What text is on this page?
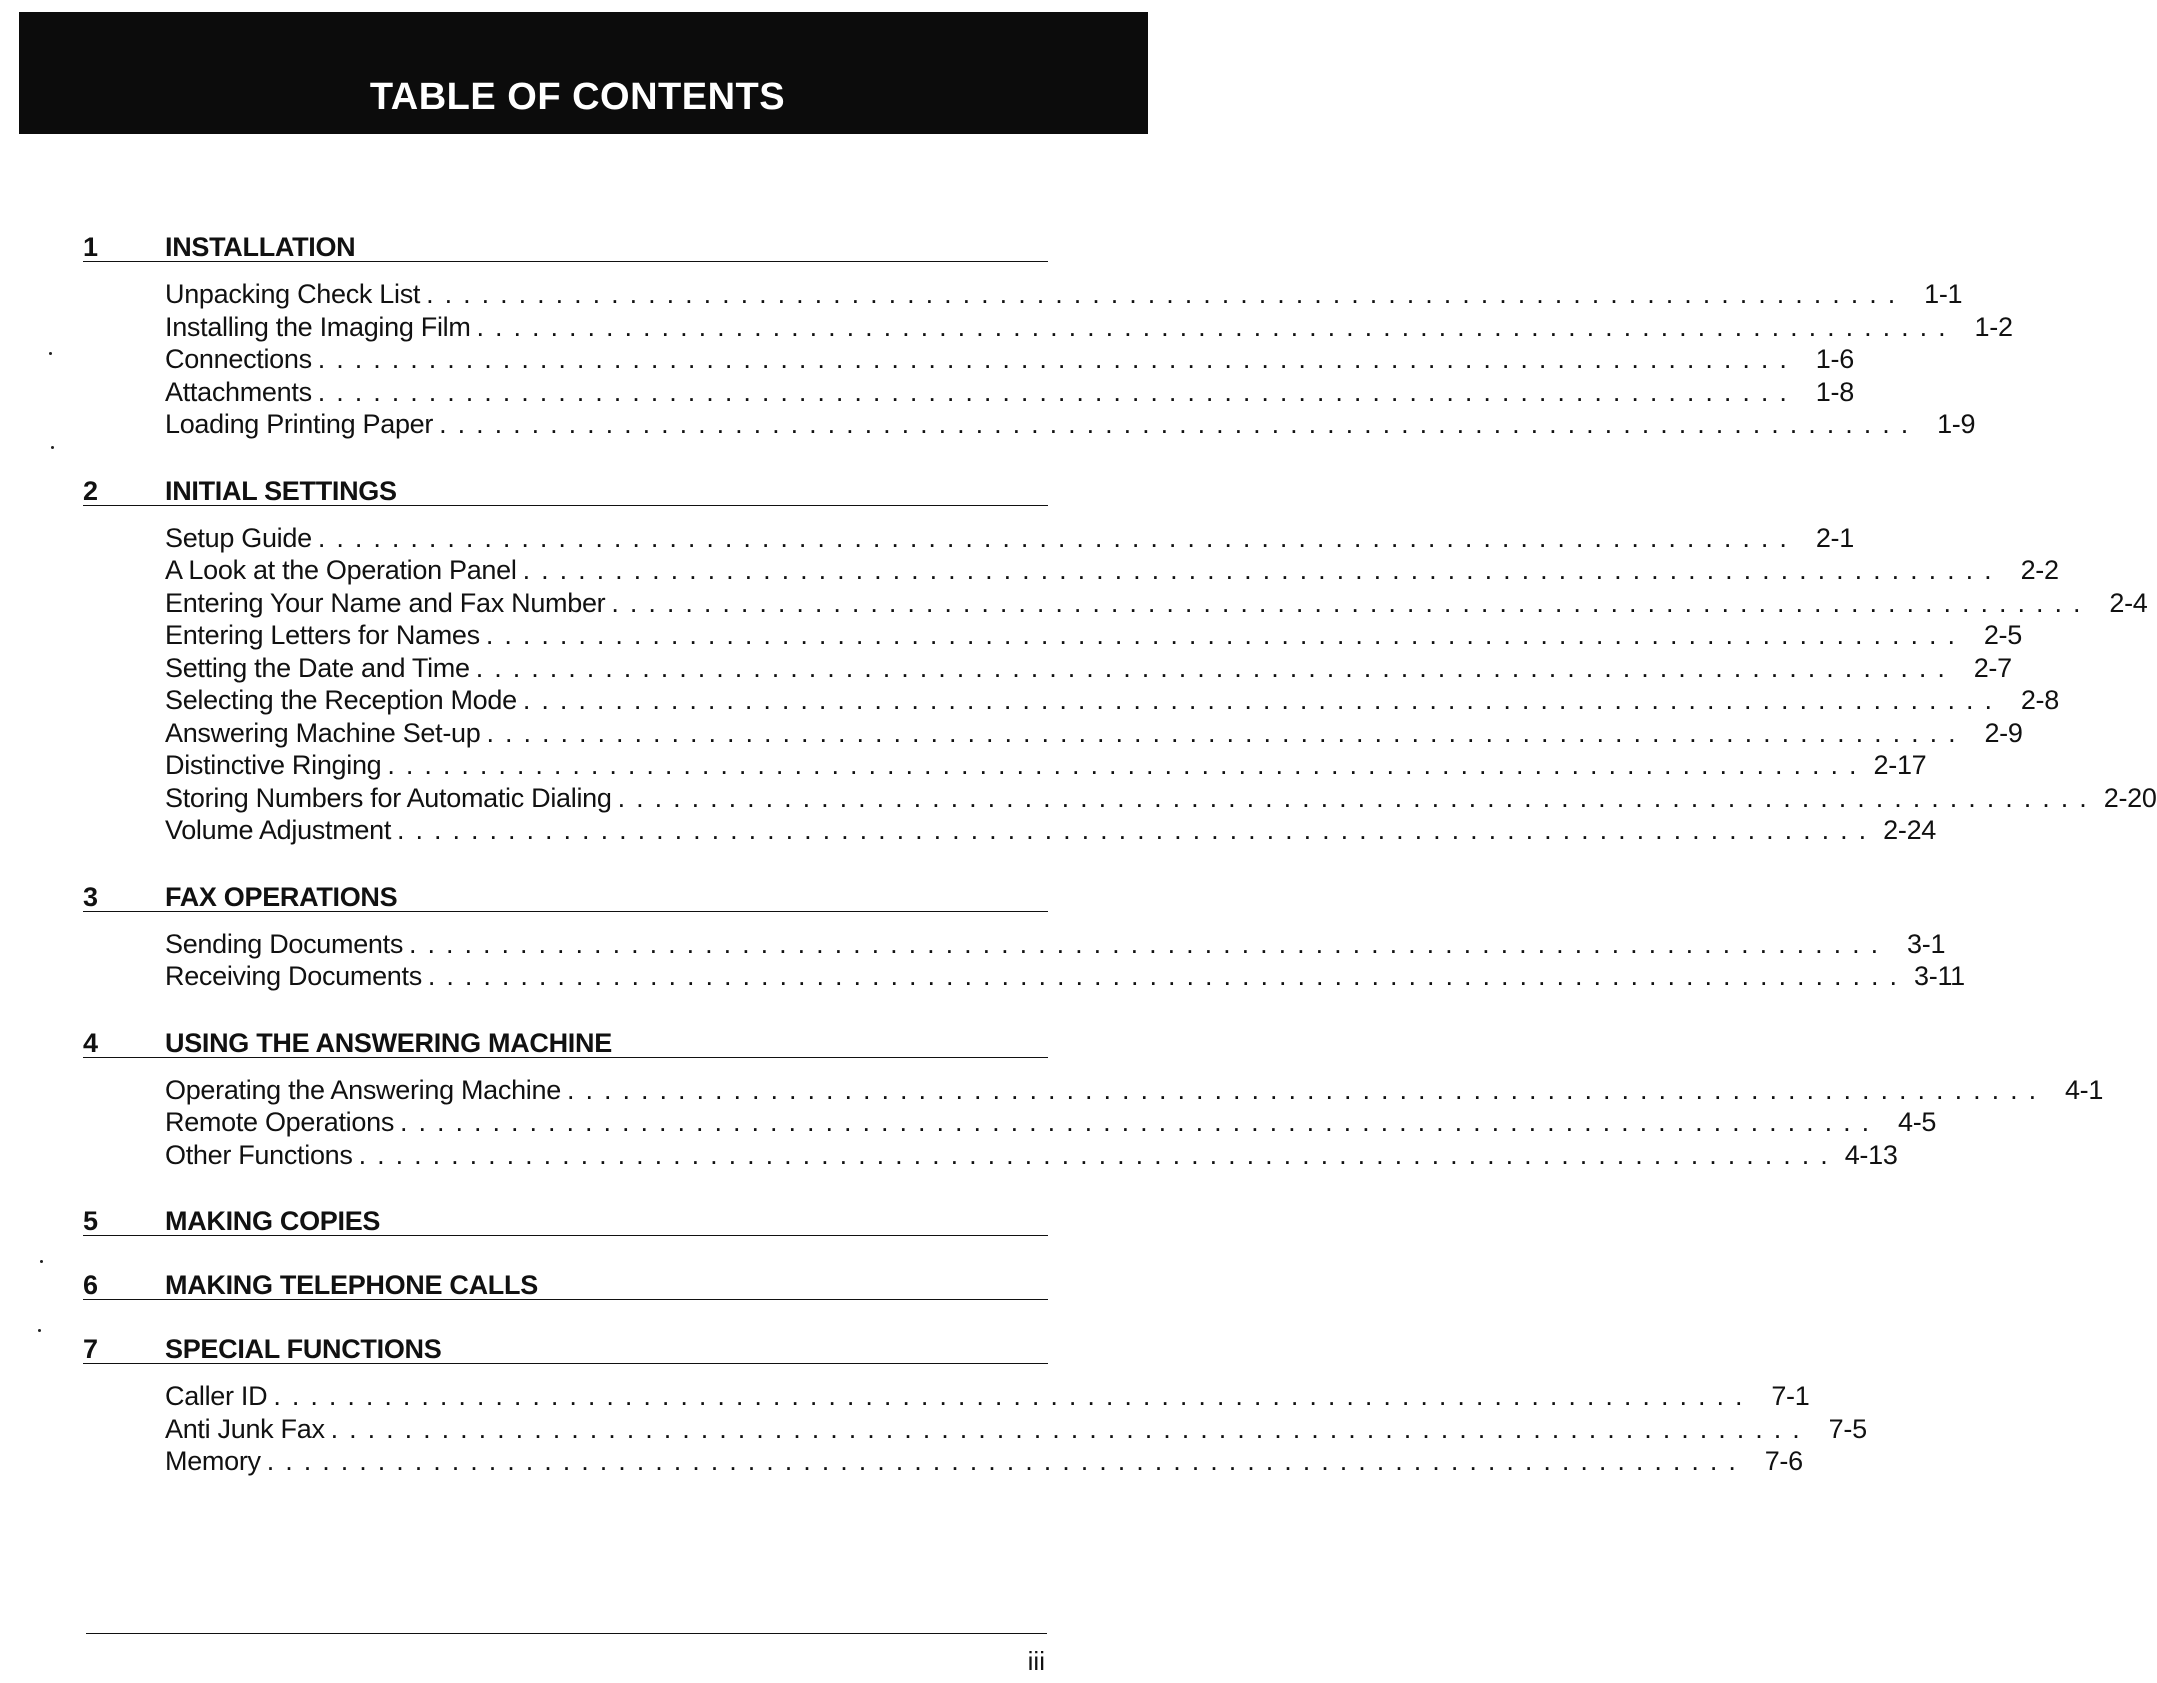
TABLE OF CONTENTS
1 INSTALLATION
Unpacking Check List ................................................................................ 1-1
Installing the Imaging Film ................................................................................ 1-2
Connections ................................................................................ 1-6
Attachments ................................................................................ 1-8
Loading Printing Paper ................................................................................ 1-9
2 INITIAL SETTINGS
Setup Guide ................................................................................ 2-1
A Look at the Operation Panel ................................................................................ 2-2
Entering Your Name and Fax Number ................................................................................ 2-4
Entering Letters for Names ................................................................................ 2-5
Setting the Date and Time ................................................................................ 2-7
Selecting the Reception Mode ................................................................................ 2-8
Answering Machine Set-up ................................................................................ 2-9
Distinctive Ringing ................................................................................ 2-17
Storing Numbers for Automatic Dialing ................................................................................ 2-20
Volume Adjustment ................................................................................ 2-24
3 FAX OPERATIONS
Sending Documents ................................................................................ 3-1
Receiving Documents ................................................................................ 3-11
4 USING THE ANSWERING MACHINE
Operating the Answering Machine ................................................................................ 4-1
Remote Operations ................................................................................ 4-5
Other Functions ................................................................................ 4-13
5 MAKING COPIES
6 MAKING TELEPHONE CALLS
7 SPECIAL FUNCTIONS
Caller ID ................................................................................ 7-1
Anti Junk Fax ................................................................................ 7-5
Memory ................................................................................ 7-6
iii
